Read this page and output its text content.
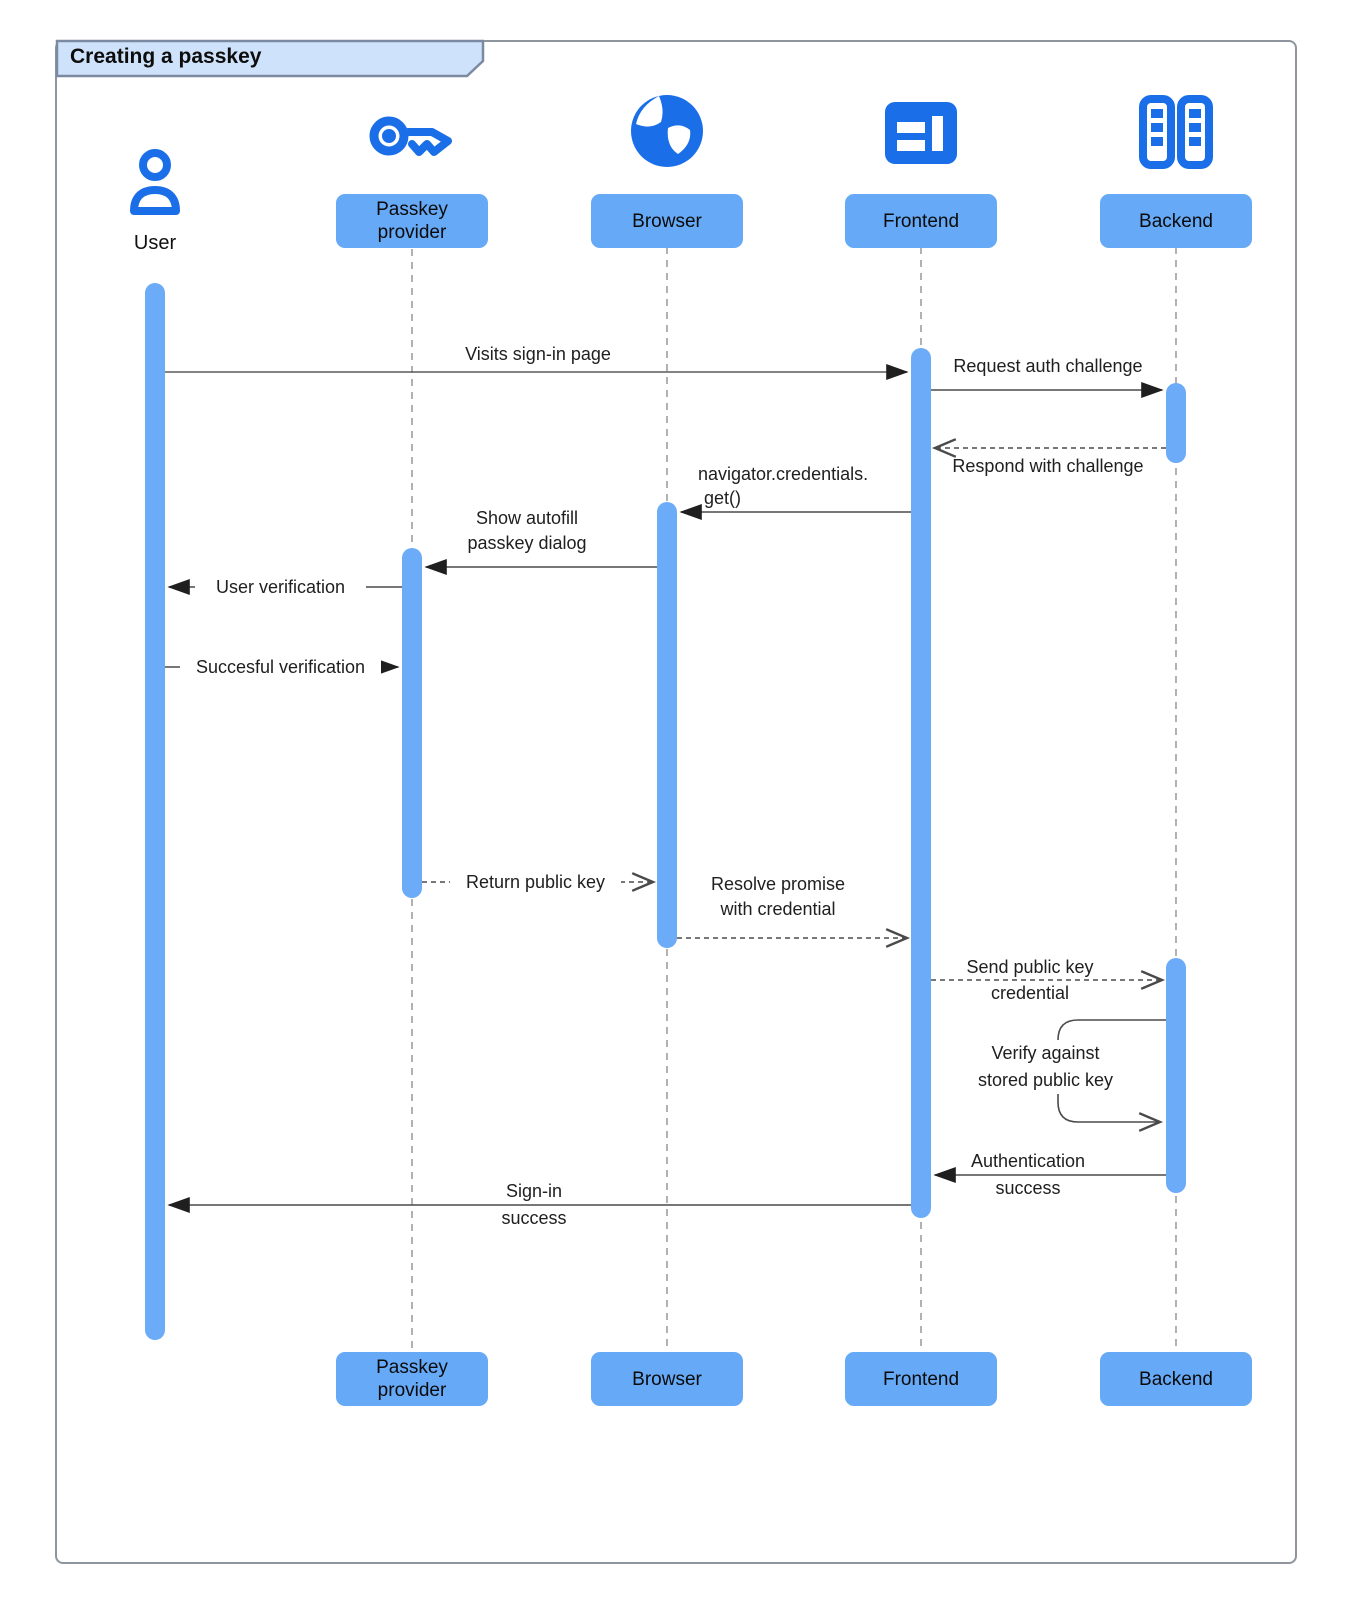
Creating a passkey
User
Passkey provider
Browser	Frontend	Backend
Visits sign-in page
Request auth challenge
Respond with challenge
navigator.credentials.
get()
Show autofill
passkey dialog
User verification
Succesful verification
Return public key	Resolve promise
with credential
Send public key
credential
Verify against
stored public key
Authentication
success
Sign-in
success
Passkey provider
Browser	Frontend	Backend
